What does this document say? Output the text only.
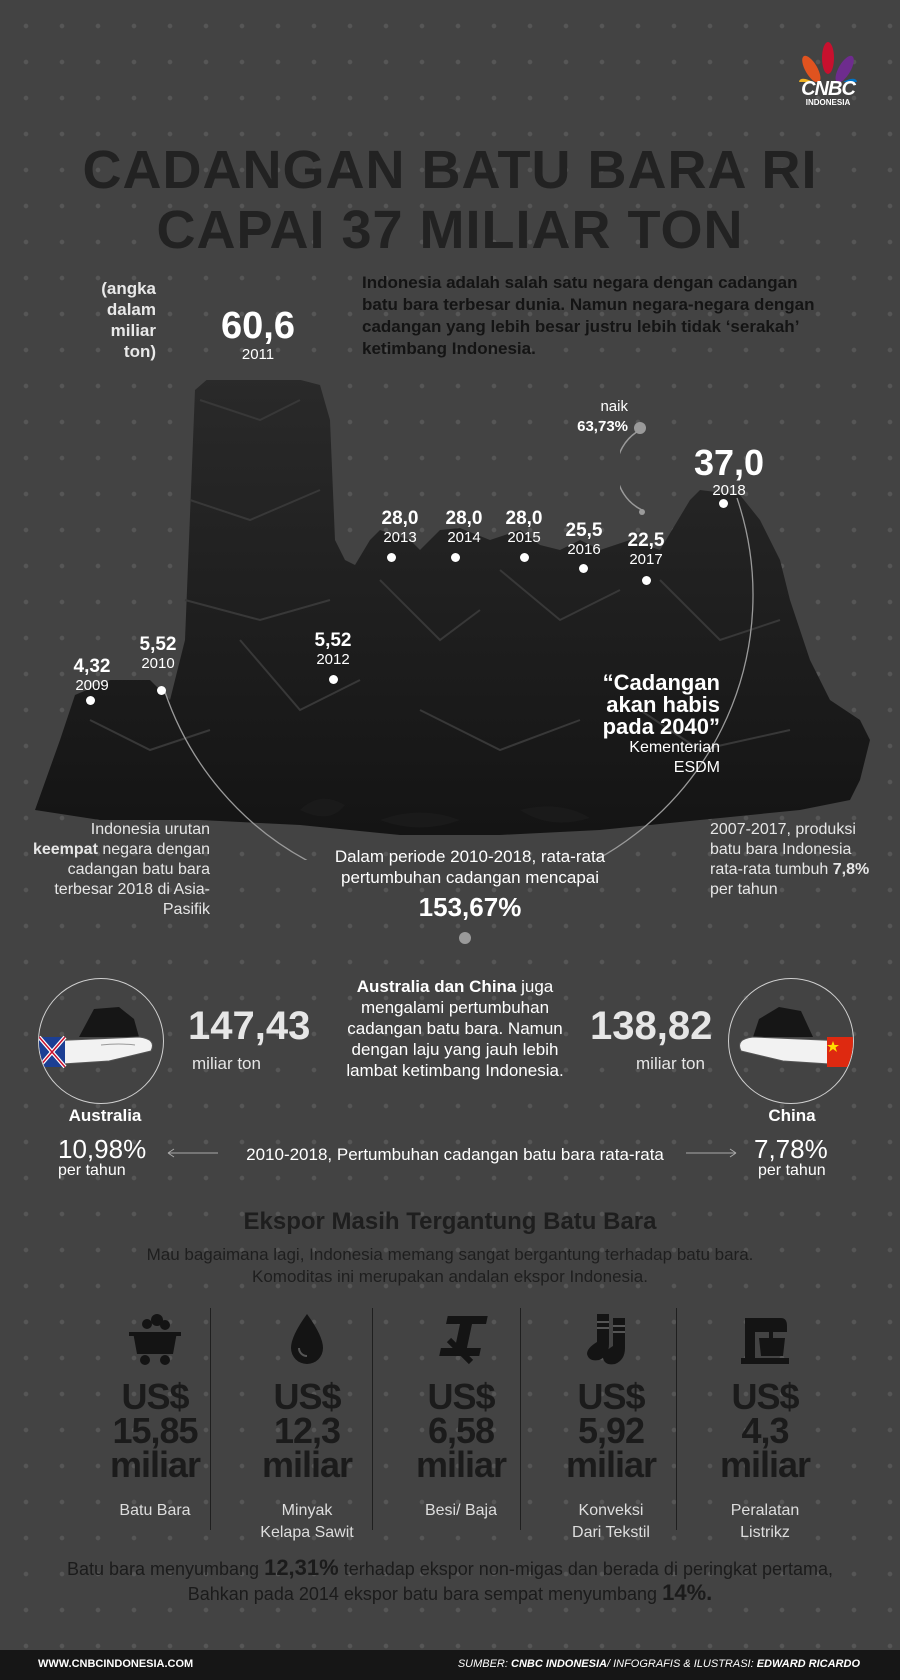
CNBC
INDONESIA
CADANGAN BATU BARA RI
CAPAI 37 MILIAR TON
(angka
dalam
miliar
ton)
Indonesia adalah salah satu negara dengan cadangan batu bara terbesar dunia. Namun negara-negara dengan cadangan yang lebih besar justru lebih tidak ‘serakah’ ketimbang Indonesia.
naik
63,73%
4,32
2009
5,52
2010
60,6
2011
5,52
2012
28,0
2013
28,0
2014
28,0
2015	25,5
2016	22,5
2017
37,0
2018
“Cadangan akan habis pada 2040”
Kementerian
ESDM
Indonesia urutan keempat negara dengan cadangan batu bara terbesar 2018 di Asia-Pasifik
2007-2017, produksi batu bara Indonesia rata-rata tumbuh 7,8% per tahun
Dalam periode 2010-2018, rata-rata pertumbuhan cadangan mencapai
153,67%
147,43
miliar ton
Australia
10,98%
per tahun
Australia dan China juga mengalami pertumbuhan cadangan batu bara. Namun dengan laju yang jauh lebih lambat ketimbang Indonesia.
138,82
miliar ton
China
7,78%
per tahun
2010-2018, Pertumbuhan cadangan batu bara rata-rata
Ekspor Masih Tergantung Batu Bara
Mau bagaimana lagi, Indonesia memang sangat bergantung terhadap batu bara.
Komoditas ini merupakan andalan ekspor Indonesia.
US$
15,85
miliar
Batu Bara
US$
12,3
miliar
Minyak
Kelapa Sawit
US$
6,58
miliar
Besi/ Baja
US$
5,92
miliar
Konveksi
Dari Tekstil
US$
4,3
miliar
Peralatan
Listrikz
Batu bara menyumbang 12,31% terhadap ekspor non-migas dan berada di peringkat pertama, Bahkan pada 2014 ekspor batu bara sempat menyumbang 14%.
WWW.CNBCINDONESIA.COM	SUMBER: CNBC INDONESIA/ INFOGRAFIS & ILUSTRASI: EDWARD RICARDO
